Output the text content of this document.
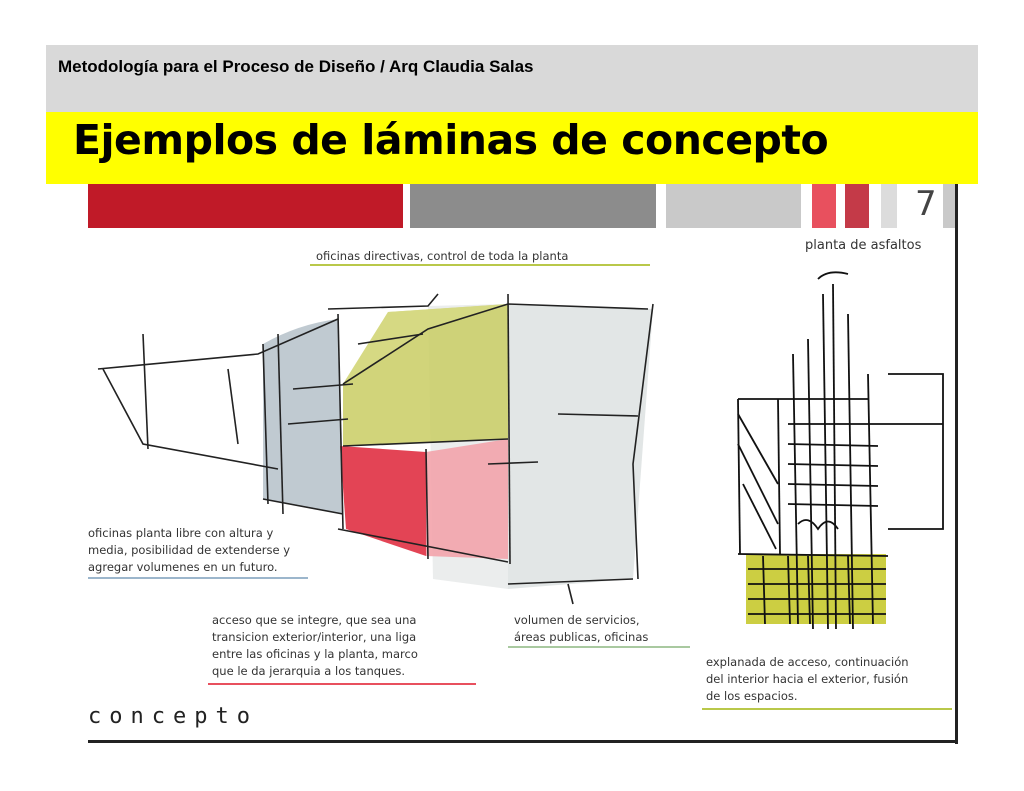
Metodología para el Proceso de Diseño / Arq Claudia Salas
Ejemplos de láminas de concepto
7
planta de asfaltos
oficinas directivas, control de toda la planta
oficinas planta libre con altura y
media, posibilidad de extenderse y
agregar volumenes en un futuro.
acceso que se integre, que sea una
transicion exterior/interior, una liga
entre las oficinas y la planta, marco
que le da jerarquia a los tanques.
volumen de servicios,
áreas publicas, oficinas
explanada de acceso, continuación
del interior hacia el exterior, fusión
de los espacios.
concepto
